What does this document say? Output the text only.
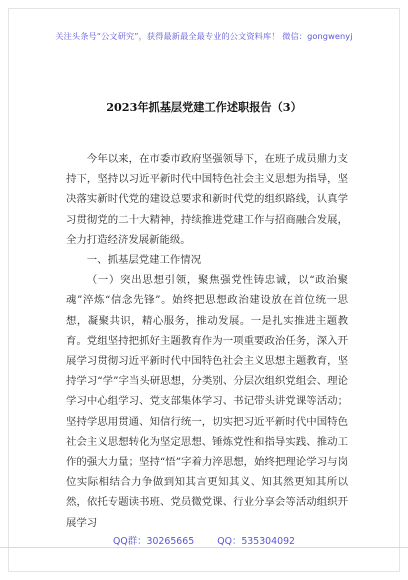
关注头条号“公文研究”，获得最新最全最专业的公文资料库！ 微信：gongwenyj
2023年抓基层党建工作述职报告（3）

今年以来，在市委市政府坚强领导下，在班子成员鼎力支持下，坚持以习近平新时代中国特色社会主义思想为指导，坚决落实新时代党的建设总要求和新时代党的组织路线，认真学习贯彻党的二十大精神，持续推进党建工作与招商融合发展，全力打造经济发展新能级。

一、抓基层党建工作情况

（一）突出思想引领，聚焦强党性铸忠诚，以“政治聚魂”淬炼“信念先锋”。始终把思想政治建设放在首位统一思想，凝聚共识，精心服务，推动发展。一是扎实推进主题教育。党组坚持把抓好主题教育作为一项重要政治任务，深入开展学习贯彻习近平新时代中国特色社会主义思想主题教育，坚持学习“学”字当头研思想，分类别、分层次组织党组会、理论学习中心组学习、党支部集体学习、书记带头讲党课等活动；坚持学思用贯通、知信行统一，切实把习近平新时代中国特色社会主义思想转化为坚定思想、锤炼党性和指导实践、推动工作的强大力量；坚持“悟”字着力淬思想，始终把理论学习与岗位实际相结合力争做到知其言更知其义、知其然更知其所以然，依托专题读书班、党员微党课、行业分享会等活动组织开展学习

QQ群：30265665 QQ：535304092
